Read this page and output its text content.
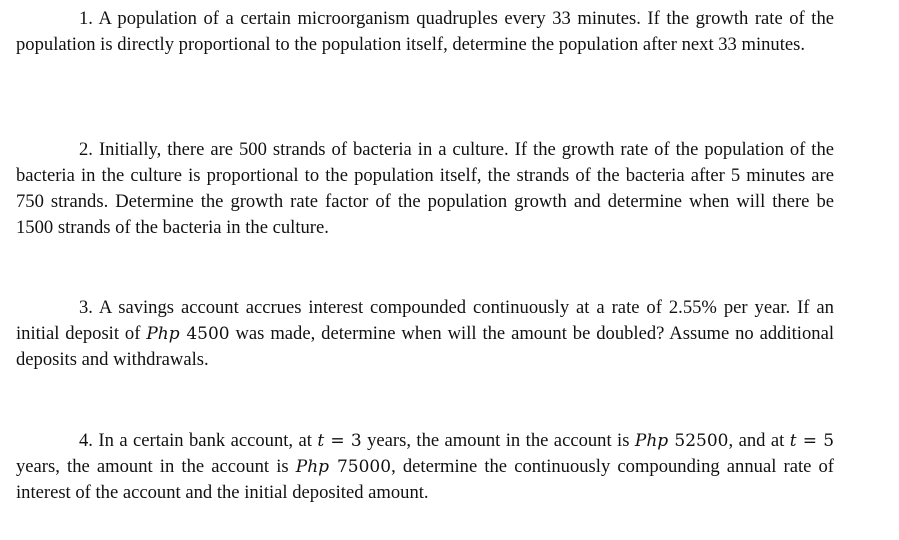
1. A population of a certain microorganism quadruples every 33 minutes. If the growth rate of the population is directly proportional to the population itself, determine the population after next 33 minutes.

2. Initially, there are 500 strands of bacteria in a culture. If the growth rate of the population of the bacteria in the culture is proportional to the population itself, the strands of the bacteria after 5 minutes are 750 strands. Determine the growth rate factor of the population growth and determine when will there be 1500 strands of the bacteria in the culture.

3. A savings account accrues interest compounded continuously at a rate of 2.55% per year. If an initial deposit of Php 4500 was made, determine when will the amount be doubled? Assume no additional deposits and withdrawals.

4. In a certain bank account, at t = 3 years, the amount in the account is Php 52500, and at t = 5 years, the amount in the account is Php 75000, determine the continuously compounding annual rate of interest of the account and the initial deposited amount.
